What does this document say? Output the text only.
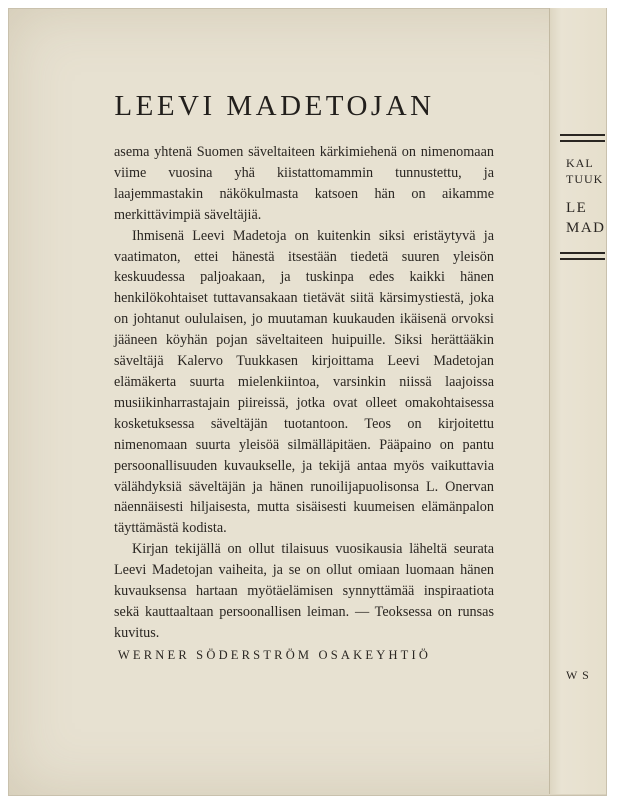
KAL
TUUK
LE
MAD
W S
LEEVI MADETOJAN

asema yhtenä Suomen säveltaiteen kärkimiehenä on nimenomaan viime vuosina yhä kiistattomammin tunnustettu, ja laajemmastakin näkökulmasta katsoen hän on aikamme merkittävimpiä säveltäjiä.

Ihmisenä Leevi Madetoja on kuitenkin siksi eristäytyvä ja vaatimaton, ettei hänestä itsestään tiedetä suuren yleisön keskuudessa paljoakaan, ja tuskinpa edes kaikki hänen henkilökohtaiset tuttavansakaan tietävät siitä kärsimystiestä, joka on johtanut oululaisen, jo muutaman kuukauden ikäisenä orvoksi jääneen köyhän pojan säveltaiteen huipuille. Siksi herättääkin säveltäjä Kalervo Tuukkasen kirjoittama Leevi Madetojan elämäkerta suurta mielenkiintoa, varsinkin niissä laajoissa musiikinharrastajain piireissä, jotka ovat olleet omakohtaisessa kosketuksessa säveltäjän tuotantoon. Teos on kirjoitettu nimenomaan suurta yleisöä silmälläpitäen. Pääpaino on pantu persoonallisuuden kuvaukselle, ja tekijä antaa myös vaikuttavia välähdyksiä säveltäjän ja hänen runoilijapuolisonsa L. Onervan näennäisesti hiljaisesta, mutta sisäisesti kuumeisen elämänpalon täyttämästä kodista.

Kirjan tekijällä on ollut tilaisuus vuosikausia läheltä seurata Leevi Madetojan vaiheita, ja se on ollut omiaan luomaan hänen kuvauksensa hartaan myötäelämisen synnyttämää inspiraatiota sekä kauttaaltaan persoonallisen leiman. — Teoksessa on runsas kuvitus.

WERNER SÖDERSTRÖM OSAKEYHTIÖ
